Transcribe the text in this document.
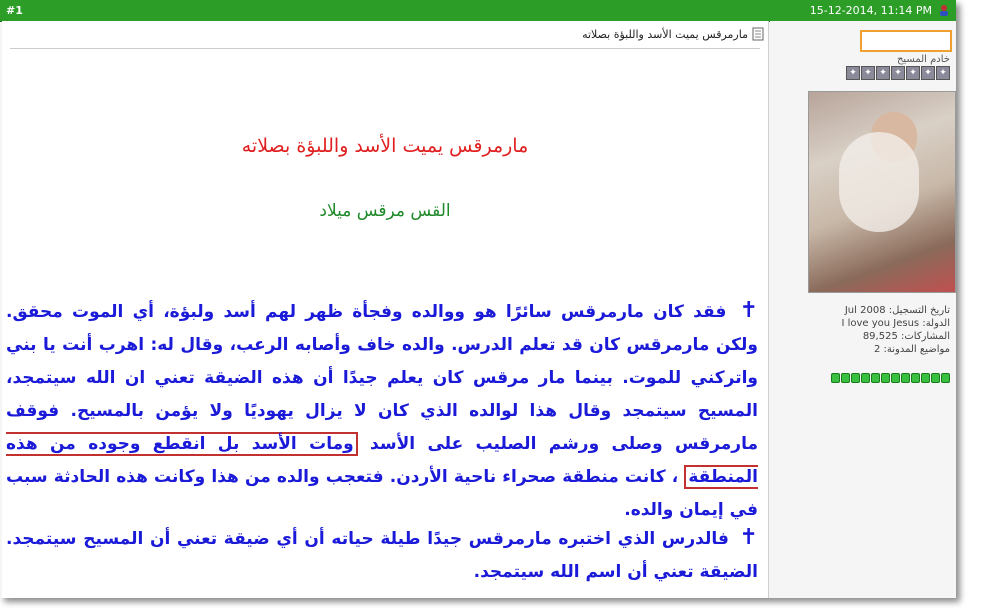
#1	15-12-2014, 11:14 PM
مارمرقس يميت الأسد واللبؤة بصلاته
مارمرقس يميت الأسد واللبؤة بصلاته
القس مرقس ميلاد
✝ فقد كان مارمرقس سائرًا هو ووالده وفجأة ظهر لهم أسد ولبؤة، أي الموت محقق. ولكن مارمرقس كان قد تعلم الدرس. والده خاف وأصابه الرعب، وقال له: اهرب أنت يا بني واتركني للموت. بينما مار مرقس كان يعلم جيدًا أن هذه الضيقة تعني ان الله سيتمجد، المسيح سيتمجد وقال هذا لوالده الذي كان لا يزال يهوديًا ولا يؤمن بالمسيح. فوقف مارمرقس وصلى ورشم الصليب على الأسد ومات الأسد بل انقطع وجوده من هذه المنطقة ، كانت منطقة صحراء ناحية الأردن. فتعجب والده من هذا وكانت هذه الحادثة سبب في إيمان والده.
✝ فالدرس الذي اختبره مارمرقس جيدًا طيلة حياته أن أي ضيقة تعني أن المسيح سيتمجد. الضيقة تعني أن اسم الله سيتمجد.
خادم المسيح
✦ ✦ ✦ ✦ ✦ ✦ ✦
تاريخ التسجيل: Jul 2008
الدولة: I love you Jesus
المشاركات: 89,525
مواضيع المدونة: 2
